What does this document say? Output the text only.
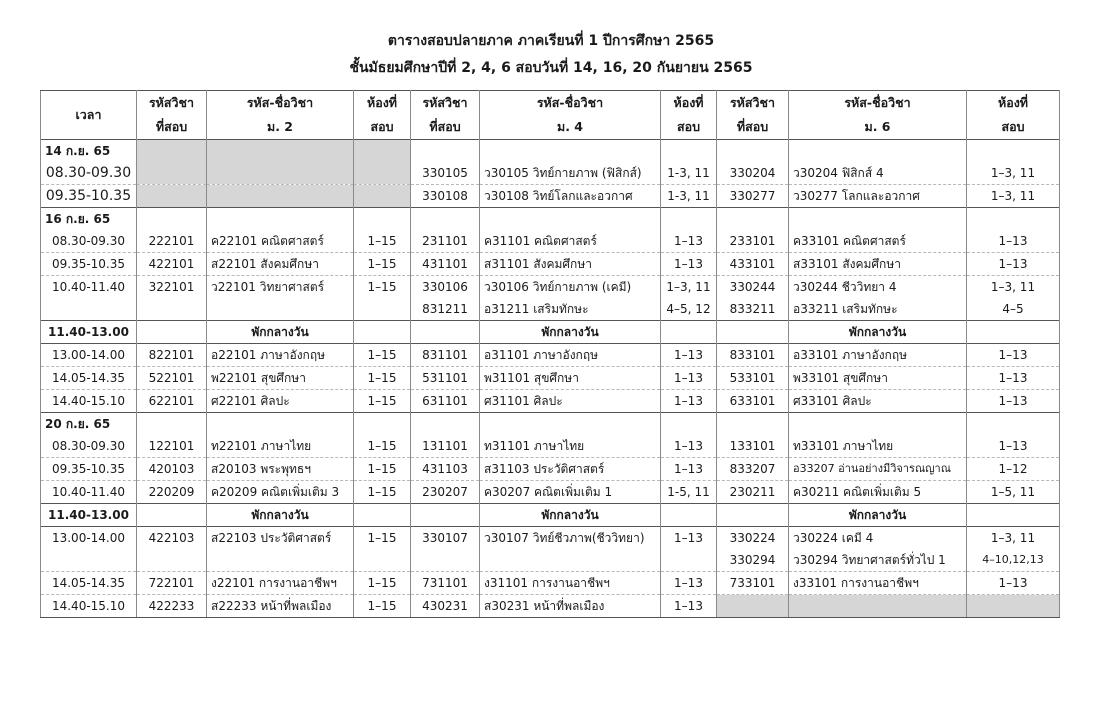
ตารางสอบปลายภาค ภาคเรียนที่ 1 ปีการศึกษา 2565
ชั้นมัธยมศึกษาปีที่ 2, 4, 6 สอบวันที่ 14, 16, 20 กันยายน 2565
เวลา	รหัสวิชา	รหัส-ชื่อวิชา	ห้องที่	รหัสวิชา	รหัส-ชื่อวิชา	ห้องที่	รหัสวิชา	รหัส-ชื่อวิชา	ห้องที่
	ที่สอบ	ม. 2	สอบ	ที่สอบ	ม. 4	สอบ	ที่สอบ	ม. 6	สอบ
14 ก.ย. 65									
08.30-09.30				330105	ว30105 วิทย์กายภาพ (ฟิสิกส์)	1-3, 11	330204	ว30204 ฟิสิกส์ 4	1–3, 11
09.35-10.35				330108	ว30108 วิทย์โลกและอวกาศ	1-3, 11	330277	ว30277 โลกและอวกาศ	1–3, 11
16 ก.ย. 65									
08.30-09.30	222101	ค22101 คณิตศาสตร์	1–15	231101	ค31101 คณิตศาสตร์	1–13	233101	ค33101 คณิตศาสตร์	1–13
09.35-10.35	422101	ส22101 สังคมศึกษา	1–15	431101	ส31101 สังคมศึกษา	1–13	433101	ส33101 สังคมศึกษา	1–13
10.40-11.40	322101	ว22101 วิทยาศาสตร์	1–15	330106	ว30106 วิทย์กายภาพ (เคมี)	1–3, 11	330244	ว30244 ชีววิทยา 4	1–3, 11
				831211	อ31211 เสริมทักษะ	4–5, 12	833211	อ33211 เสริมทักษะ	4–5
11.40-13.00		พักกลางวัน			พักกลางวัน			พักกลางวัน	
13.00-14.00	822101	อ22101 ภาษาอังกฤษ	1–15	831101	อ31101 ภาษาอังกฤษ	1–13	833101	อ33101 ภาษาอังกฤษ	1–13
14.05-14.35	522101	พ22101 สุขศึกษา	1–15	531101	พ31101 สุขศึกษา	1–13	533101	พ33101 สุขศึกษา	1–13
14.40-15.10	622101	ศ22101 ศิลปะ	1–15	631101	ศ31101 ศิลปะ	1–13	633101	ศ33101 ศิลปะ	1–13
20 ก.ย. 65									
08.30-09.30	122101	ท22101 ภาษาไทย	1–15	131101	ท31101 ภาษาไทย	1–13	133101	ท33101 ภาษาไทย	1–13
09.35-10.35	420103	ส20103 พระพุทธฯ	1–15	431103	ส31103 ประวัติศาสตร์	1–13	833207	อ33207 อ่านอย่างมีวิจารณญาณ	1–12
10.40-11.40	220209	ค20209 คณิตเพิ่มเติม 3	1–15	230207	ค30207 คณิตเพิ่มเติม 1	1-5, 11	230211	ค30211 คณิตเพิ่มเติม 5	1–5, 11
11.40-13.00		พักกลางวัน			พักกลางวัน			พักกลางวัน	
13.00-14.00	422103	ส22103 ประวัติศาสตร์	1–15	330107	ว30107 วิทย์ชีวภาพ(ชีววิทยา)	1–13	330224	ว30224 เคมี 4	1–3, 11
							330294	ว30294 วิทยาศาสตร์ทั่วไป 1	4–10,12,13
14.05-14.35	722101	ง22101 การงานอาชีพฯ	1–15	731101	ง31101 การงานอาชีพฯ	1–13	733101	ง33101 การงานอาชีพฯ	1–13
14.40-15.10	422233	ส22233 หน้าที่พลเมือง	1–15	430231	ส30231 หน้าที่พลเมือง	1–13			
